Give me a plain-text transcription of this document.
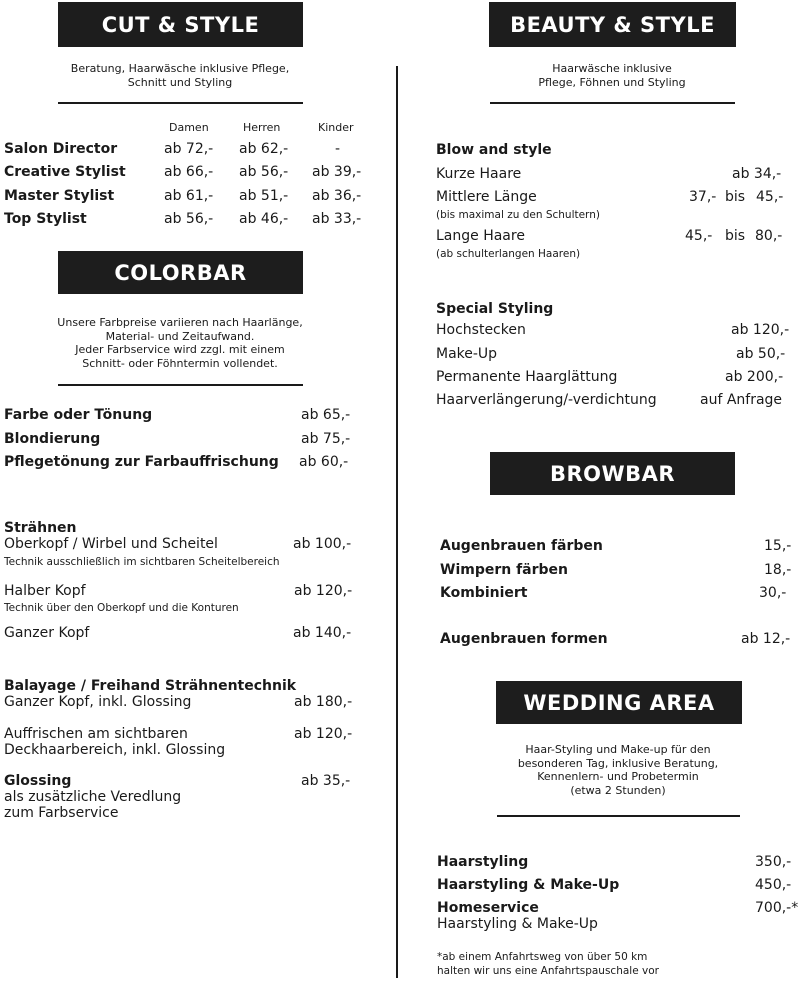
CUT & STYLE
Beratung, Haarwäsche inklusive Pflege,
Schnitt und Styling
Damen	Herren	Kinder
Salon Director	ab 72,- ab 62,-	-
Creative Stylist	ab 66,- ab 56,- ab 39,-
Master Stylist	ab 61,- ab 51,- ab 36,-
Top Stylist	ab 56,- ab 46,- ab 33,-
COLORBAR
Unsere Farbpreise variieren nach Haarlänge,
Material- und Zeitaufwand.
Jeder Farbservice wird zzgl. mit einem
Schnitt- oder Föhntermin vollendet.
Farbe oder Tönung	ab 65,-
Blondierung	ab 75,-
Pflegetönung zur Farbauffrischung ab 60,-
Strähnen
Oberkopf / Wirbel und Scheitel	ab 100,-
Technik ausschließlich im sichtbaren Scheitelbereich
Halber Kopf	ab 120,-
Technik über den Oberkopf und die Konturen
Ganzer Kopf	ab 140,-
Balayage / Freihand Strähnentechnik
Ganzer Kopf, inkl. Glossing	ab 180,-
Auffrischen am sichtbaren
Deckhaarbereich, inkl. Glossing
ab 120,-
Glossing	ab 35,-
als zusätzliche Veredlung
zum Farbservice
BEAUTY & STYLE
Haarwäsche inklusive
Pflege, Föhnen und Styling
Blow and style
Kurze Haare	ab 34,-
Mittlere Länge	37,- bis 45,-
(bis maximal zu den Schultern)
Lange Haare	45,- bis 80,-
(ab schulterlangen Haaren)
Special Styling
Hochstecken	ab 120,-
Make-Up	ab 50,-
Permanente Haarglättung	ab 200,-
Haarverlängerung/-verdichtung	auf Anfrage
BROWBAR
Augenbrauen färben	15,-
Wimpern färben	18,-
Kombiniert	30,-
Augenbrauen formen	ab 12,-
WEDDING AREA
Haar-Styling und Make-up für den
besonderen Tag, inklusive Beratung,
Kennenlern- und Probetermin
(etwa 2 Stunden)
Haarstyling	350,-
Haarstyling & Make-Up	450,-
Homeservice	700,-*
Haarstyling & Make-Up
*ab einem Anfahrtsweg von über 50 km
halten wir uns eine Anfahrtspauschale vor
